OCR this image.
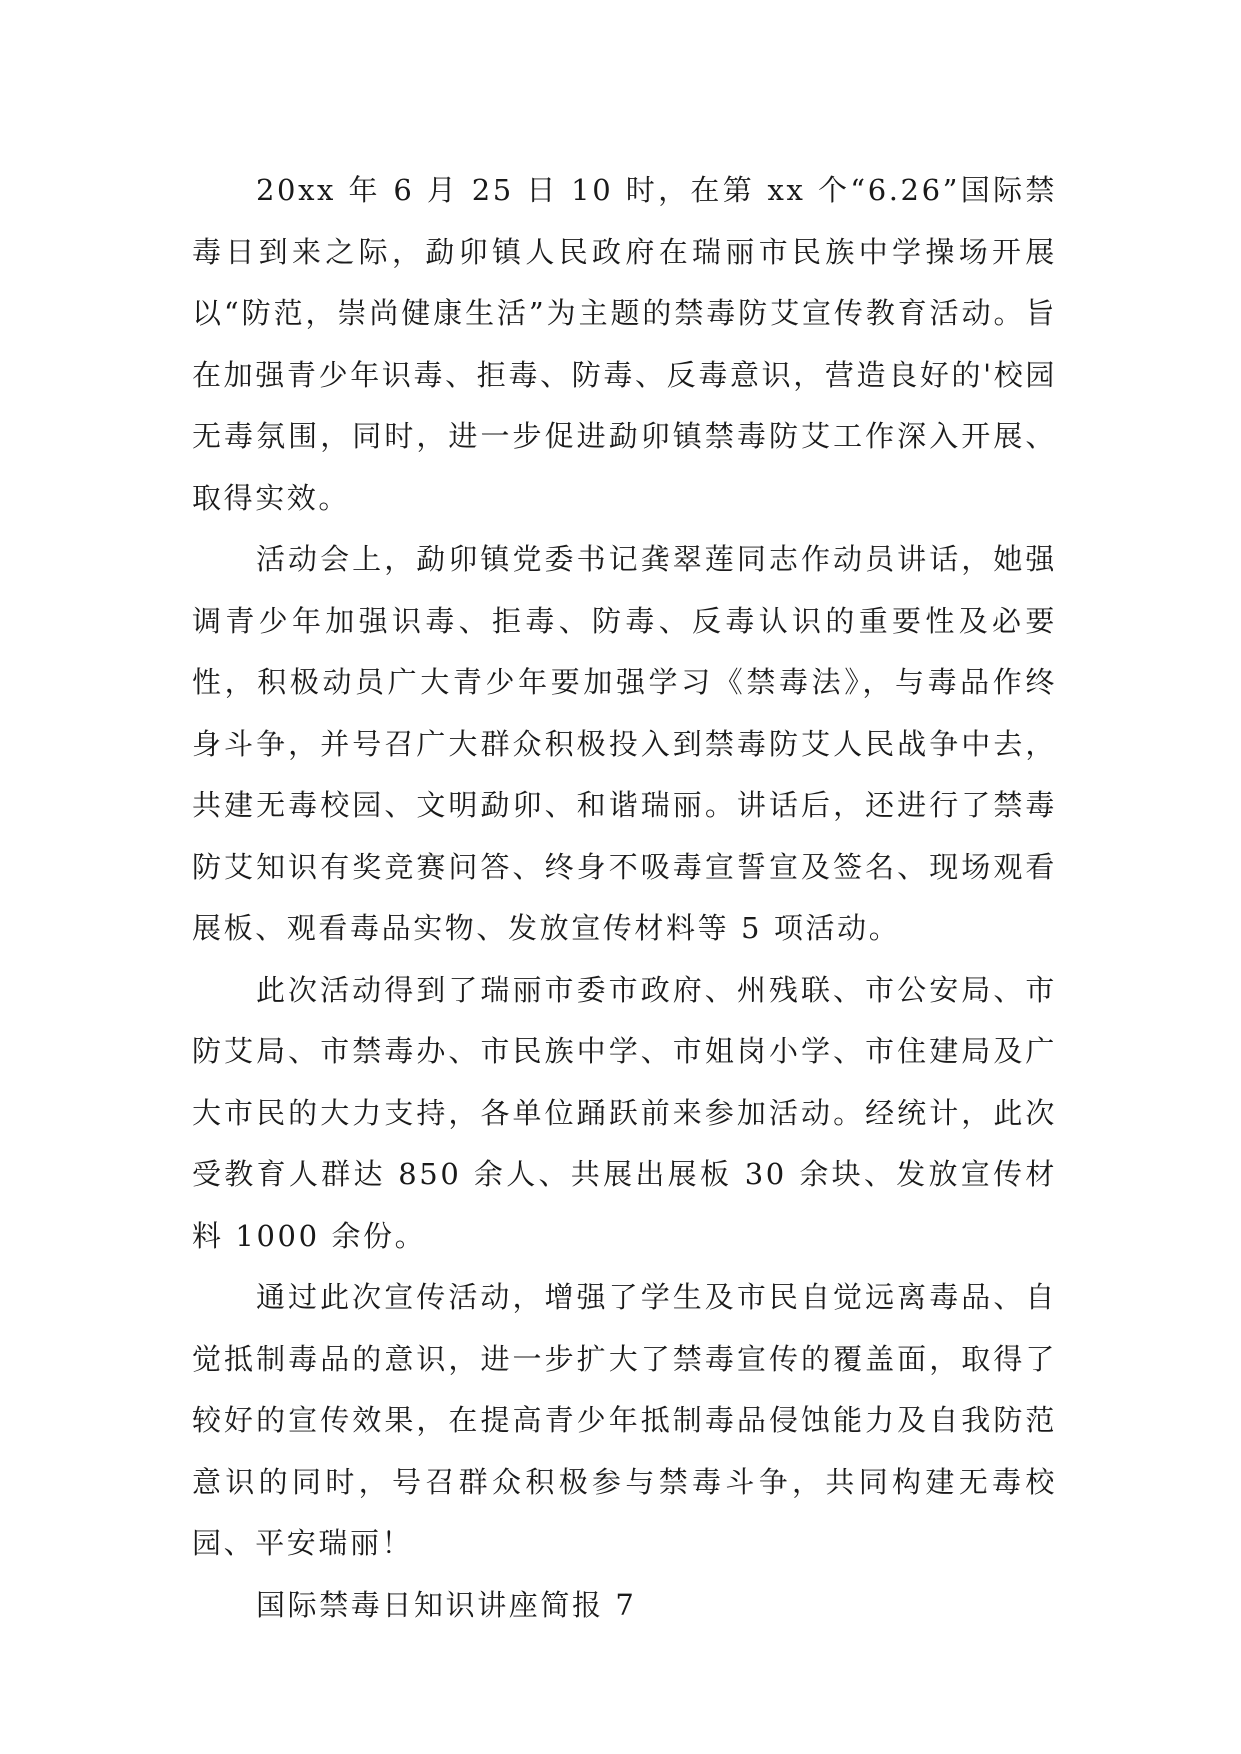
20xx 年 6 月 25 日 10 时，在第 xx 个“6.26”国际禁毒日到来之际，勐卯镇人民政府在瑞丽市民族中学操场开展以“防范，崇尚健康生活”为主题的禁毒防艾宣传教育活动。旨在加强青少年识毒、拒毒、防毒、反毒意识，营造良好的'校园无毒氛围，同时，进一步促进勐卯镇禁毒防艾工作深入开展、取得实效。

活动会上，勐卯镇党委书记龚翠莲同志作动员讲话，她强调青少年加强识毒、拒毒、防毒、反毒认识的重要性及必要性，积极动员广大青少年要加强学习《禁毒法》，与毒品作终身斗争，并号召广大群众积极投入到禁毒防艾人民战争中去，共建无毒校园、文明勐卯、和谐瑞丽。讲话后，还进行了禁毒防艾知识有奖竞赛问答、终身不吸毒宣誓宣及签名、现场观看展板、观看毒品实物、发放宣传材料等 5 项活动。

此次活动得到了瑞丽市委市政府、州残联、市公安局、市防艾局、市禁毒办、市民族中学、市姐岗小学、市住建局及广大市民的大力支持，各单位踊跃前来参加活动。经统计，此次受教育人群达 850 余人、共展出展板 30 余块、发放宣传材料 1000 余份。

通过此次宣传活动，增强了学生及市民自觉远离毒品、自觉抵制毒品的意识，进一步扩大了禁毒宣传的覆盖面，取得了较好的宣传效果，在提高青少年抵制毒品侵蚀能力及自我防范意识的同时，号召群众积极参与禁毒斗争，共同构建无毒校园、平安瑞丽！

国际禁毒日知识讲座简报 7
